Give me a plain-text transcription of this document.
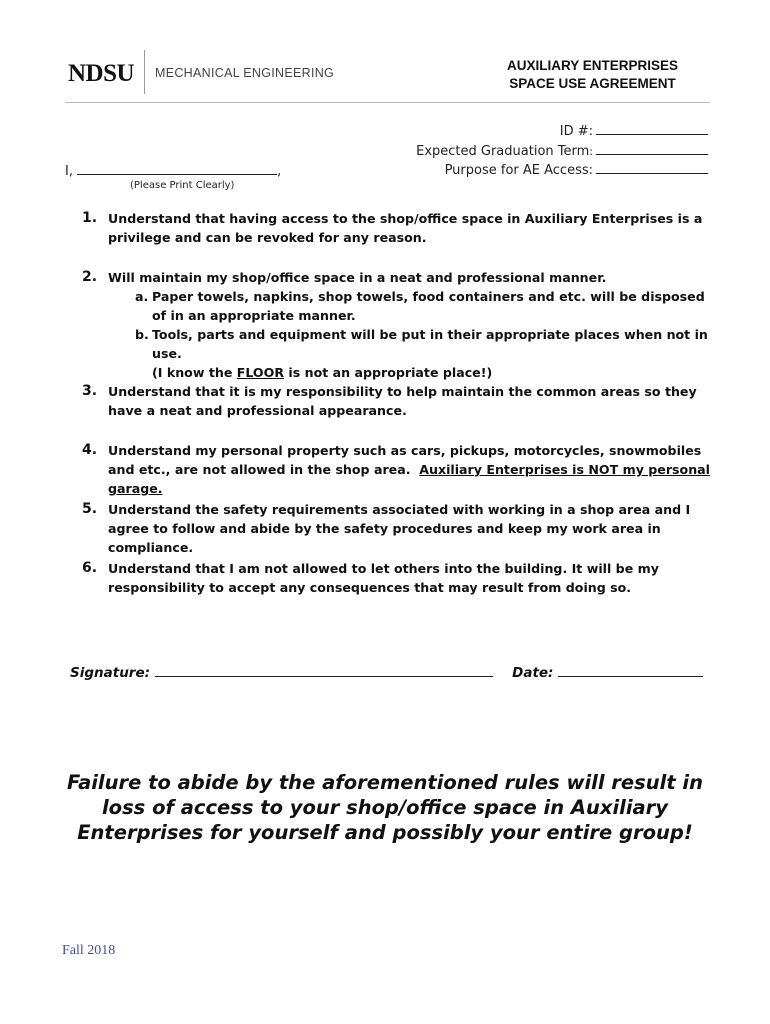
NDSU MECHANICAL ENGINEERING	AUXILIARY ENTERPRISES
SPACE USE AGREEMENT
ID #:
Expected Graduation Term:
Purpose for AE Access:
I,	,
(Please Print Clearly)
1. Understand that having access to the shop/office space in Auxiliary Enterprises is a privilege and can be revoked for any reason.
2. Will maintain my shop/office space in a neat and professional manner.
a. Paper towels, napkins, shop towels, food containers and etc. will be disposed of in an appropriate manner.
b. Tools, parts and equipment will be put in their appropriate places when not in use.
(I know the FLOOR is not an appropriate place!)
3. Understand that it is my responsibility to help maintain the common areas so they have a neat and professional appearance.
4. Understand my personal property such as cars, pickups, motorcycles, snowmobiles and etc., are not allowed in the shop area. Auxiliary Enterprises is NOT my personal garage.
5. Understand the safety requirements associated with working in a shop area and I agree to follow and abide by the safety procedures and keep my work area in compliance.
6. Understand that I am not allowed to let others into the building. It will be my responsibility to accept any consequences that may result from doing so.
Signature:	Date:
Failure to abide by the aforementioned rules will result in loss of access to your shop/office space in Auxiliary Enterprises for yourself and possibly your entire group!
Fall 2018
